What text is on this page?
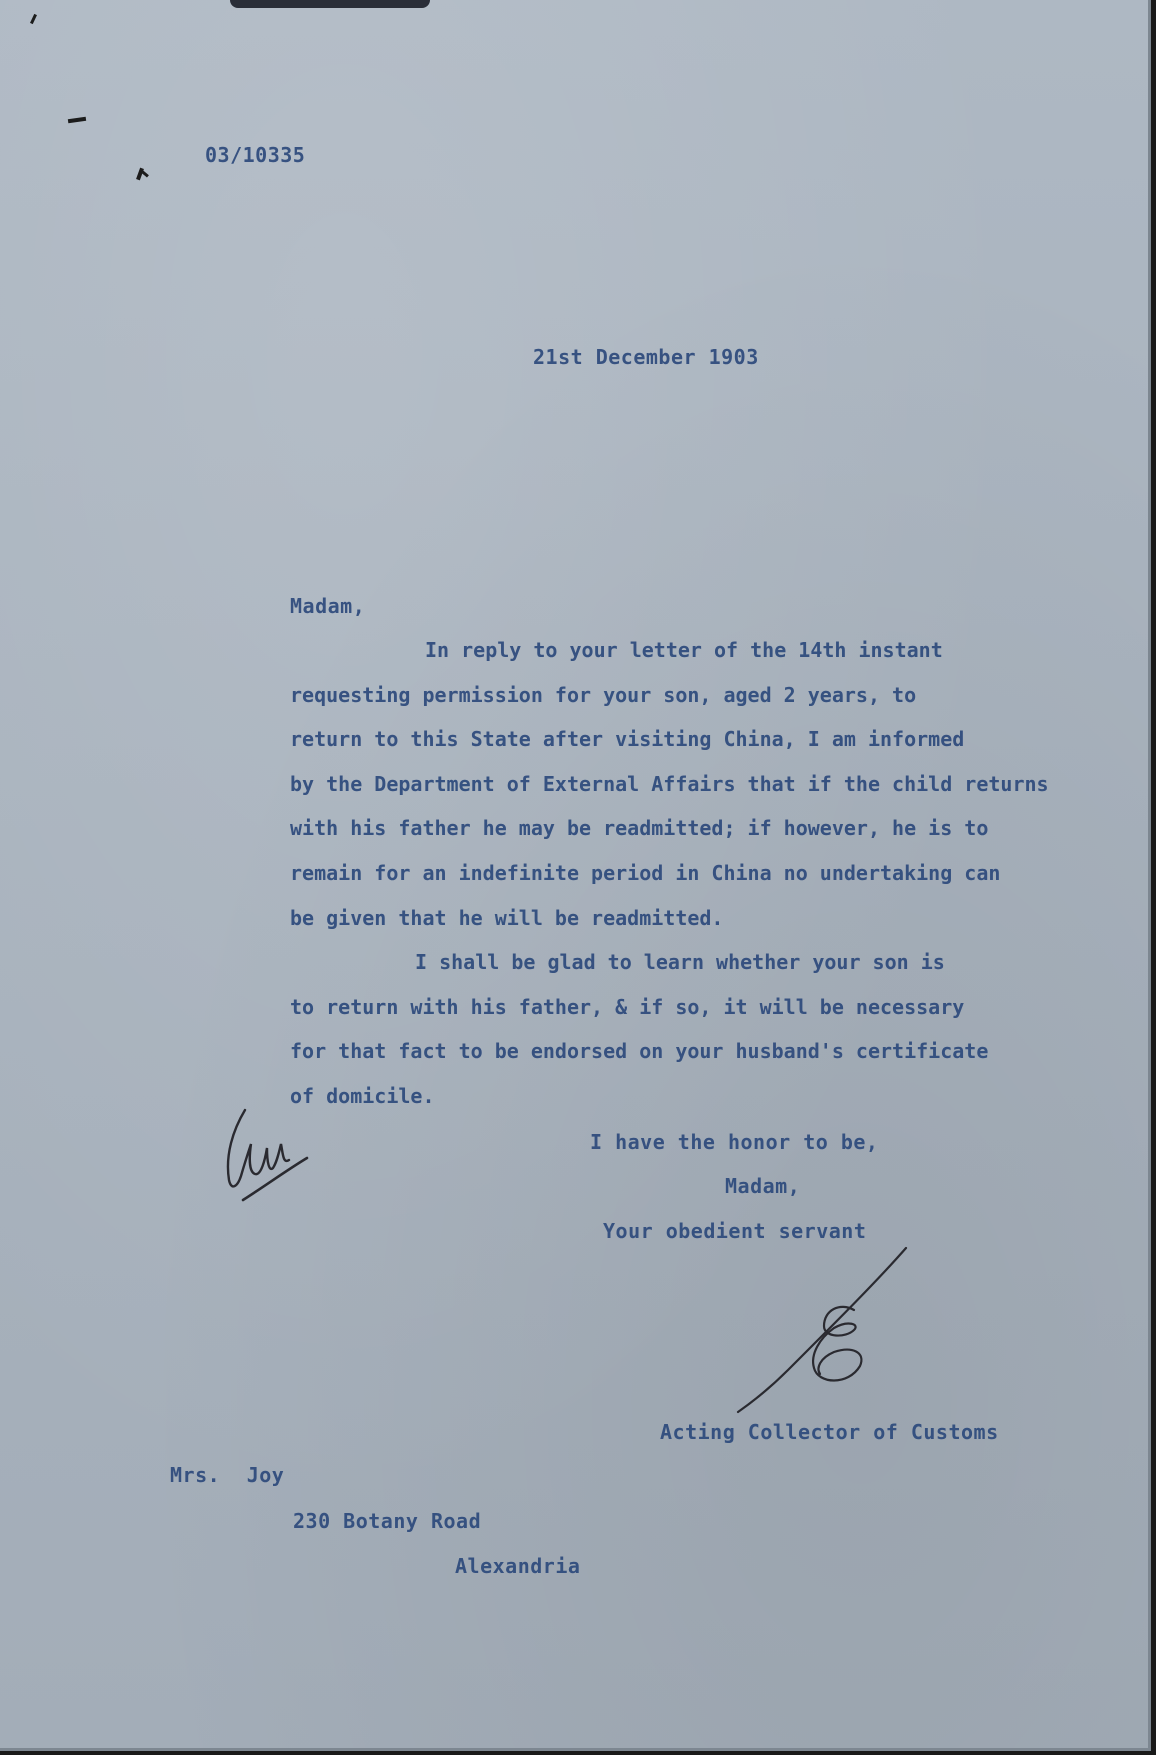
03/10335
21st December 1903
Madam,
In reply to your letter of the 14th instant
requesting permission for your son, aged 2 years, to
return to this State after visiting China, I am informed
by the Department of External Affairs that if the child returns
with his father he may be readmitted; if however, he is to
remain for an indefinite period in China no undertaking can
be given that he will be readmitted.
I shall be glad to learn whether your son is
to return with his father, & if so, it will be necessary
for that fact to be endorsed on your husband's certificate
of domicile.
I have the honor to be,
Madam,
Your obedient servant
Acting Collector of Customs
Mrs. Joy
230 Botany Road
Alexandria
